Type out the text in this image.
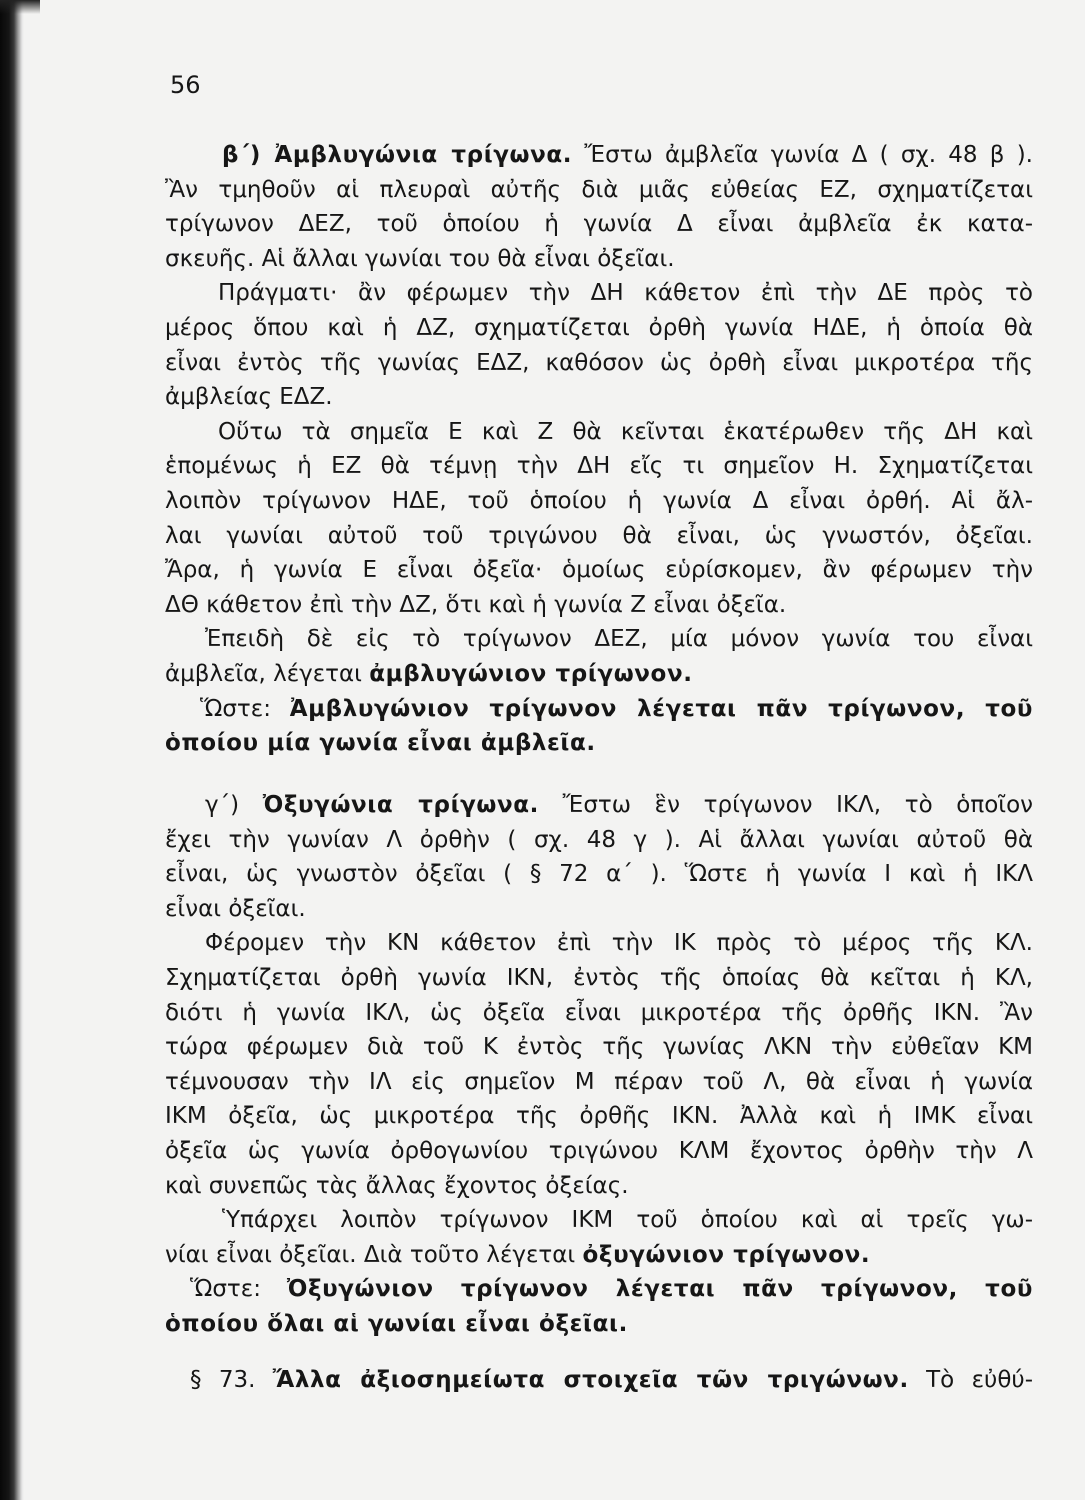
56
β΄) Ἀμβλυγώνια τρίγωνα. Ἔστω ἀμβλεῖα γωνία Δ ( σχ. 48 β ).
Ἂν τμηθοῦν αἱ πλευραὶ αὐτῆς διὰ μιᾶς εὐθείας ΕΖ, σχηματίζεται
τρίγωνον ΔΕΖ, τοῦ ὁποίου ἡ γωνία Δ εἶναι ἀμβλεῖα ἐκ κατα-
σκευῆς. Αἱ ἄλλαι γωνίαι του θὰ εἶναι ὀξεῖαι.
Πράγματι· ἂν φέρωμεν τὴν ΔΗ κάθετον ἐπὶ τὴν ΔΕ πρὸς τὸ
μέρος ὅπου καὶ ἡ ΔΖ, σχηματίζεται ὀρθὴ γωνία ΗΔΕ, ἡ ὁποία θὰ
εἶναι ἐντὸς τῆς γωνίας ΕΔΖ, καθόσον ὡς ὀρθὴ εἶναι μικροτέρα τῆς
ἀμβλείας ΕΔΖ.
Οὕτω τὰ σημεῖα Ε καὶ Ζ θὰ κεῖνται ἑκατέρωθεν τῆς ΔΗ καὶ
ἑπομένως ἡ ΕΖ θὰ τέμνῃ τὴν ΔΗ εἴς τι σημεῖον Η. Σχηματίζεται
λοιπὸν τρίγωνον ΗΔΕ, τοῦ ὁποίου ἡ γωνία Δ εἶναι ὀρθή. Αἱ ἄλ-
λαι γωνίαι αὐτοῦ τοῦ τριγώνου θὰ εἶναι, ὡς γνωστόν, ὀξεῖαι.
Ἄρα, ἡ γωνία Ε εἶναι ὀξεῖα· ὁμοίως εὑρίσκομεν, ἂν φέρωμεν τὴν
ΔΘ κάθετον ἐπὶ τὴν ΔΖ, ὅτι καὶ ἡ γωνία Ζ εἶναι ὀξεῖα.
Ἐπειδὴ δὲ εἰς τὸ τρίγωνον ΔΕΖ, μία μόνον γωνία του εἶναι
ἀμβλεῖα, λέγεται ἀμβλυγώνιον τρίγωνον.
Ὥστε: Ἀμβλυγώνιον τρίγωνον λέγεται πᾶν τρίγωνον, τοῦ
ὁποίου μία γωνία εἶναι ἀμβλεῖα.
γ΄) Ὀξυγώνια τρίγωνα. Ἔστω ἓν τρίγωνον ΙΚΛ, τὸ ὁποῖον
ἔχει τὴν γωνίαν Λ ὀρθὴν ( σχ. 48 γ ). Αἱ ἄλλαι γωνίαι αὐτοῦ θὰ
εἶναι, ὡς γνωστὸν ὀξεῖαι ( § 72 α΄ ). Ὥστε ἡ γωνία Ι καὶ ἡ ΙΚΛ
εἶναι ὀξεῖαι.
Φέρομεν τὴν ΚΝ κάθετον ἐπὶ τὴν ΙΚ πρὸς τὸ μέρος τῆς ΚΛ.
Σχηματίζεται ὀρθὴ γωνία ΙΚΝ, ἐντὸς τῆς ὁποίας θὰ κεῖται ἡ ΚΛ,
διότι ἡ γωνία ΙΚΛ, ὡς ὀξεῖα εἶναι μικροτέρα τῆς ὀρθῆς ΙΚΝ. Ἂν
τώρα φέρωμεν διὰ τοῦ Κ ἐντὸς τῆς γωνίας ΛΚΝ τὴν εὐθεῖαν ΚΜ
τέμνουσαν τὴν ΙΛ εἰς σημεῖον Μ πέραν τοῦ Λ, θὰ εἶναι ἡ γωνία
ΙΚΜ ὀξεῖα, ὡς μικροτέρα τῆς ὀρθῆς ΙΚΝ. Ἀλλὰ καὶ ἡ ΙΜΚ εἶναι
ὀξεῖα ὡς γωνία ὀρθογωνίου τριγώνου ΚΛΜ ἔχοντος ὀρθὴν τὴν Λ
καὶ συνεπῶς τὰς ἄλλας ἔχοντος ὀξείας.
Ὑπάρχει λοιπὸν τρίγωνον ΙΚΜ τοῦ ὁποίου καὶ αἱ τρεῖς γω-
νίαι εἶναι ὀξεῖαι. Διὰ τοῦτο λέγεται ὀξυγώνιον τρίγωνον.
Ὥστε: Ὀξυγώνιον τρίγωνον λέγεται πᾶν τρίγωνον, τοῦ
ὁποίου ὅλαι αἱ γωνίαι εἶναι ὀξεῖαι.
§ 73. Ἄλλα ἀξιοσημείωτα στοιχεῖα τῶν τριγώνων. Τὸ εὐθύ-
